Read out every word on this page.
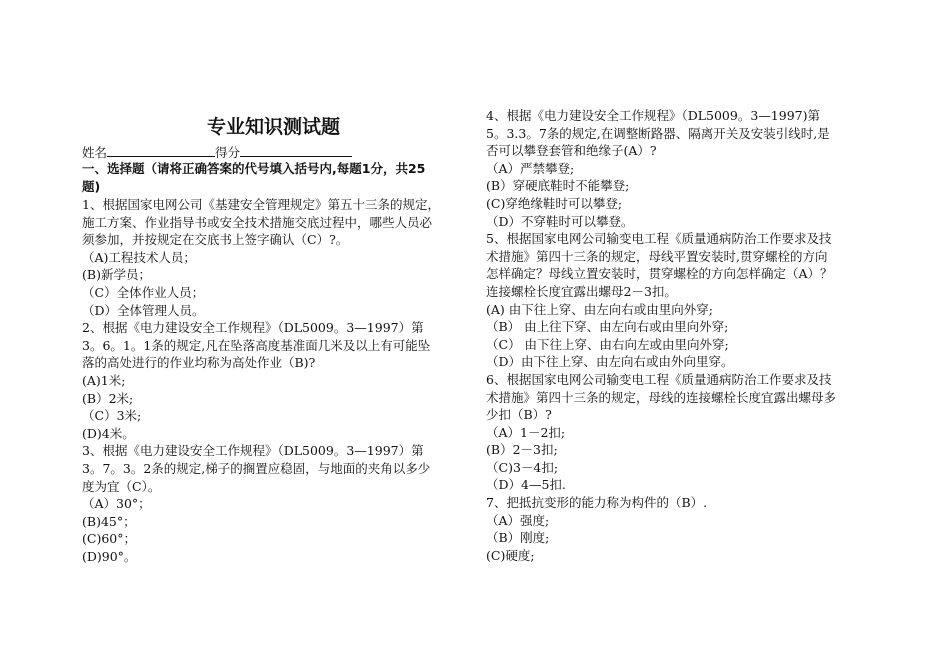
专业知识测试题
姓名	得分
一、选择题（请将正确答案的代号填入括号内,每题1分，共25
题)
1、根据国家电网公司《基建安全管理规定》第五十三条的规定，
施工方案、作业指导书或安全技术措施交底过程中，哪些人员必
须参加，并按规定在交底书上签字确认（C）?。
（A)工程技术人员；
(B)新学员；
（C）全体作业人员；
（D）全体管理人员。
2、根据《电力建设安全工作规程》（DL5009。3—1997）第
3。6。1。1条的规定,凡在坠落高度基准面几米及以上有可能坠
落的高处进行的作业均称为高处作业（B)?
(A)1米;
(B）2米;
（C）3米;
(D)4米。
3、根据《电力建设安全工作规程》（DL5009。3—1997）第
3。7。3。2条的规定,梯子的搁置应稳固，与地面的夹角以多少
度为宜（C）。
（A）30°；
(B)45°；
(C)60°；
(D)90°。
4、根据《电力建设安全工作规程》（DL5009。3—1997)第
5。3.3。7条的规定,在调整断路器、隔离开关及安装引线时,是
否可以攀登套管和绝缘子(A）?
（A）严禁攀登;
(B）穿硬底鞋时不能攀登;
(C)穿绝缘鞋时可以攀登;
（D）不穿鞋时可以攀登。
5、根据国家电网公司输变电工程《质量通病防治工作要求及技
术措施》第四十三条的规定，母线平置安装时,贯穿螺栓的方向
怎样确定？母线立置安装时，贯穿螺栓的方向怎样确定（A）？
连接螺栓长度宜露出螺母2－3扣。
(A) 由下往上穿、由左向右或由里向外穿;
（B） 由上往下穿、由左向右或由里向外穿;
（C） 由下往上穿、由右向左或由里向外穿;
（D）由下往上穿、由左向右或由外向里穿。
6、根据国家电网公司输变电工程《质量通病防治工作要求及技
术措施》第四十三条的规定，母线的连接螺栓长度宜露出螺母多
少扣（B）?
（A）1－2扣;
(B）2－3扣;
（C)3－4扣;
（D）4—5扣.
7、把抵抗变形的能力称为构件的（B）.
（A）强度;
（B）刚度;
(C)硬度;
